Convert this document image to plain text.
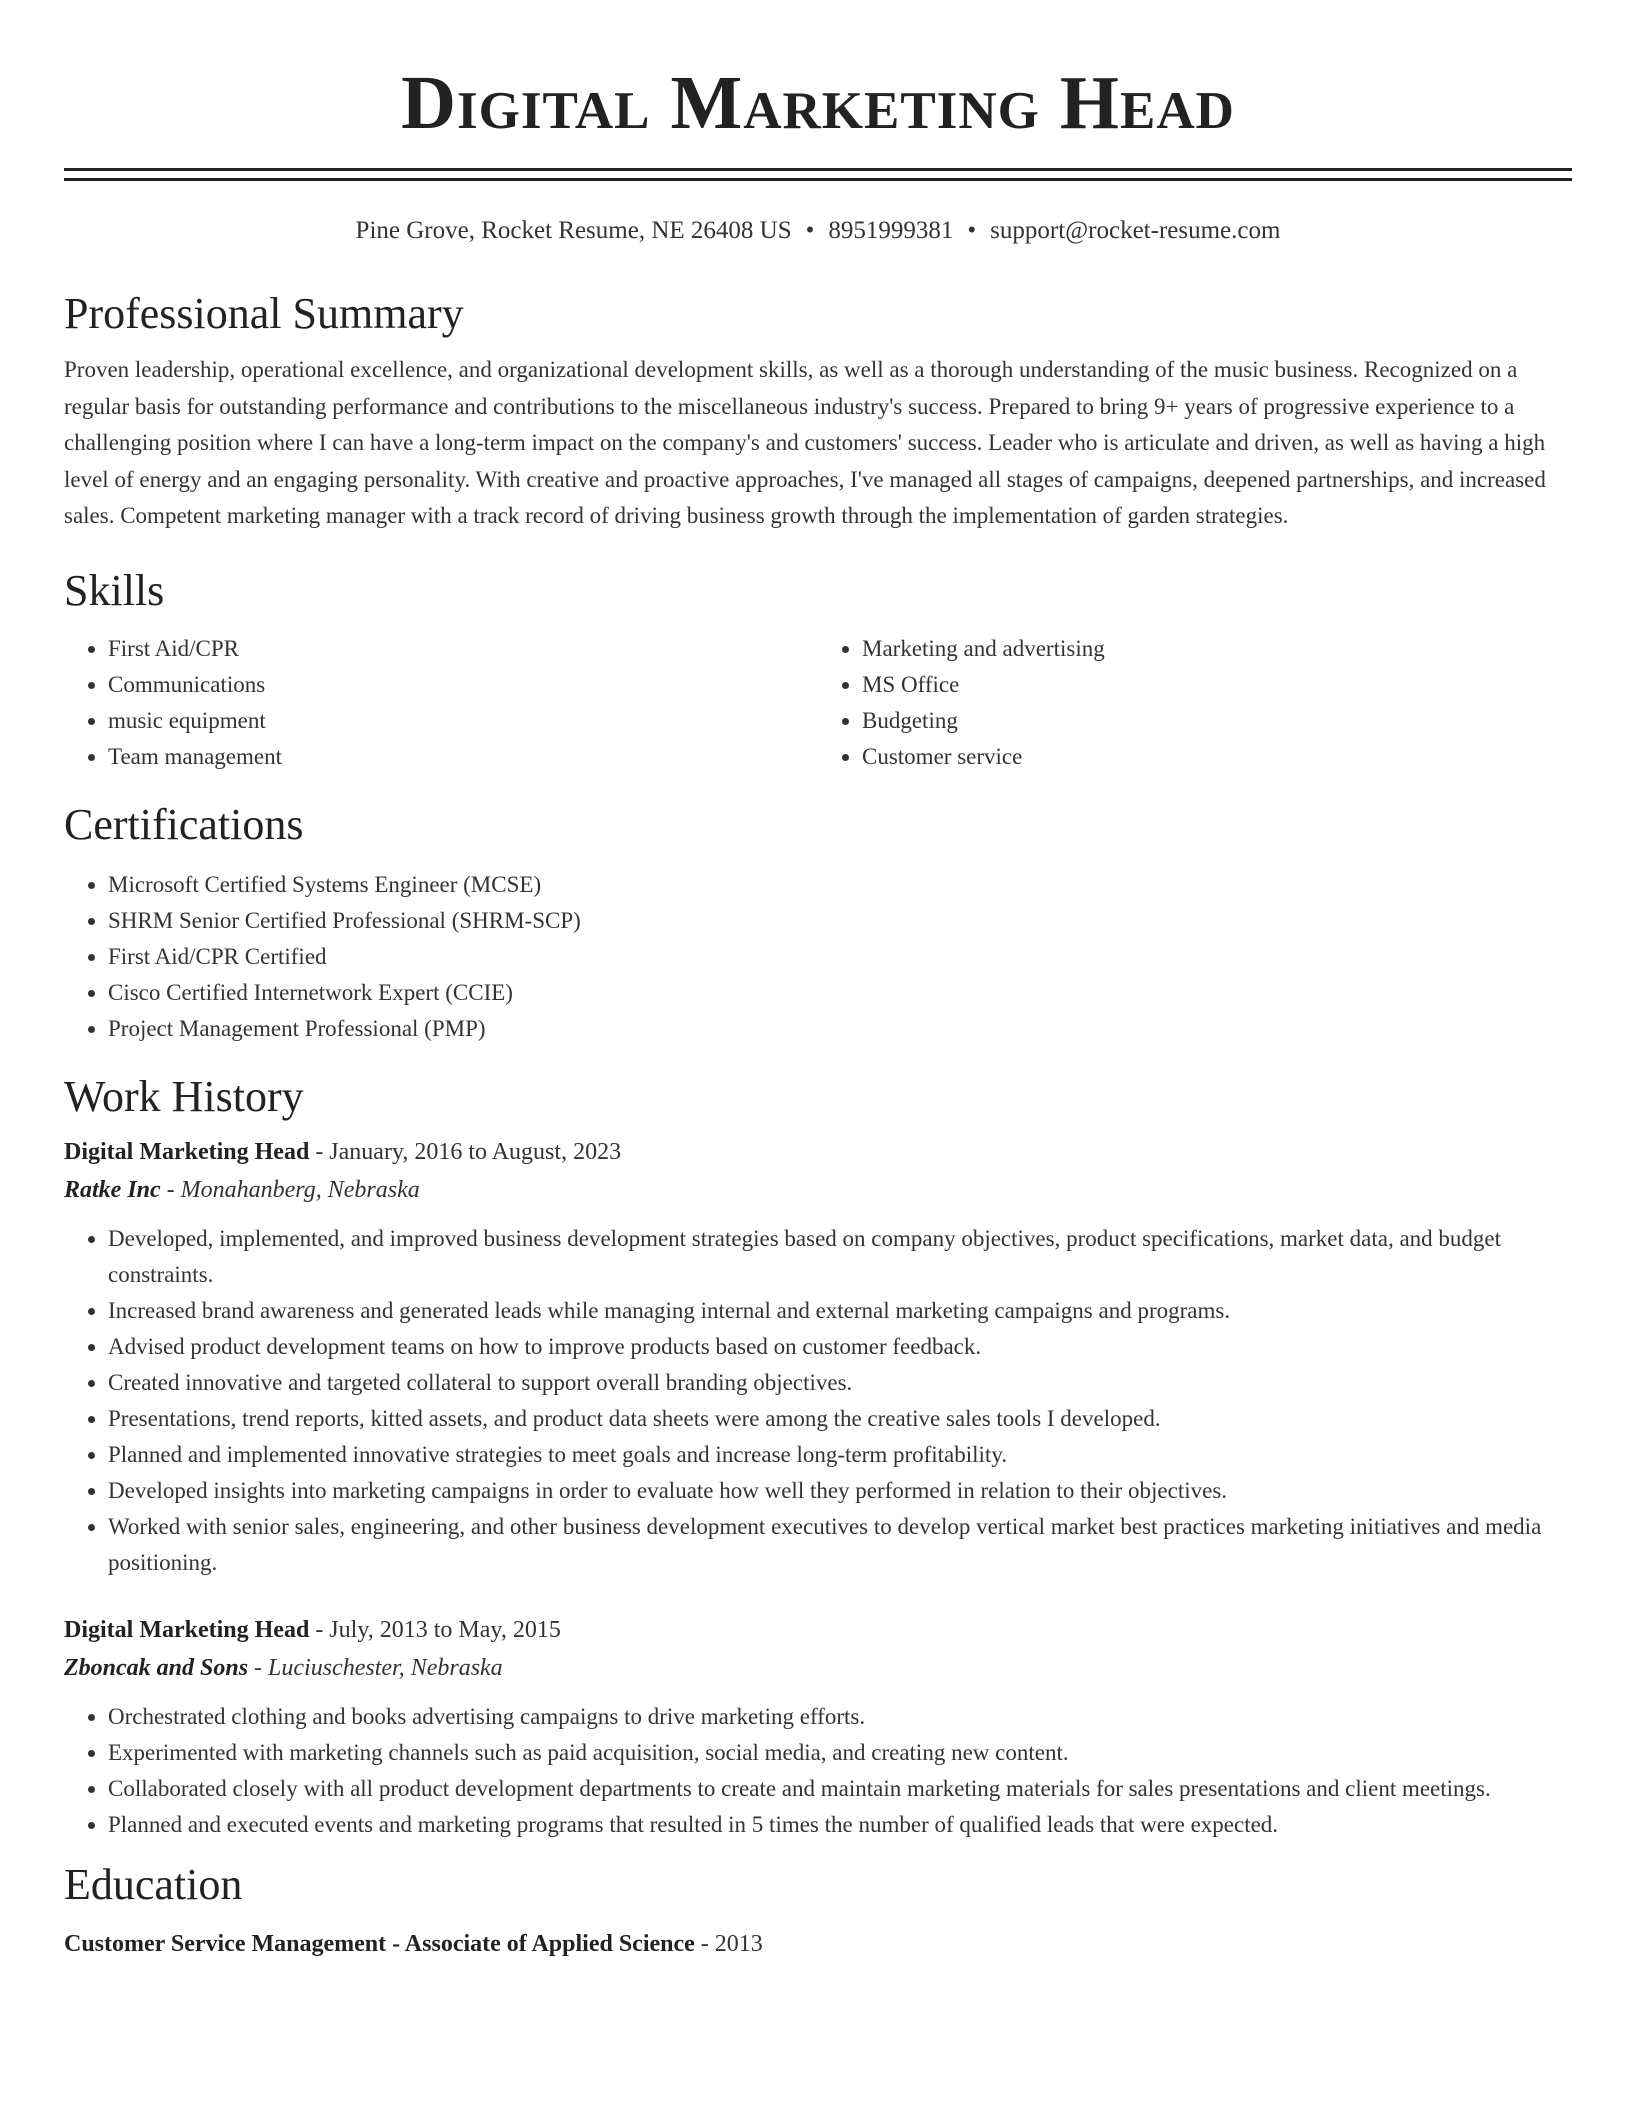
Digital Marketing Head
Pine Grove, Rocket Resume, NE 26408 US • 8951999381 • support@rocket-resume.com
Professional Summary
Proven leadership, operational excellence, and organizational development skills, as well as a thorough understanding of the music business. Recognized on a regular basis for outstanding performance and contributions to the miscellaneous industry's success. Prepared to bring 9+ years of progressive experience to a challenging position where I can have a long-term impact on the company's and customers' success. Leader who is articulate and driven, as well as having a high level of energy and an engaging personality. With creative and proactive approaches, I've managed all stages of campaigns, deepened partnerships, and increased sales. Competent marketing manager with a track record of driving business growth through the implementation of garden strategies.
Skills
• First Aid/CPR
• Communications
• music equipment
• Team management
• Marketing and advertising
• MS Office
• Budgeting
• Customer service
Certifications
• Microsoft Certified Systems Engineer (MCSE)
• SHRM Senior Certified Professional (SHRM-SCP)
• First Aid/CPR Certified
• Cisco Certified Internetwork Expert (CCIE)
• Project Management Professional (PMP)
Work History
Digital Marketing Head - January, 2016 to August, 2023
Ratke Inc - Monahanberg, Nebraska
• Developed, implemented, and improved business development strategies based on company objectives, product specifications, market data, and budget constraints.
• Increased brand awareness and generated leads while managing internal and external marketing campaigns and programs.
• Advised product development teams on how to improve products based on customer feedback.
• Created innovative and targeted collateral to support overall branding objectives.
• Presentations, trend reports, kitted assets, and product data sheets were among the creative sales tools I developed.
• Planned and implemented innovative strategies to meet goals and increase long-term profitability.
• Developed insights into marketing campaigns in order to evaluate how well they performed in relation to their objectives.
• Worked with senior sales, engineering, and other business development executives to develop vertical market best practices marketing initiatives and media positioning.
Digital Marketing Head - July, 2013 to May, 2015
Zboncak and Sons - Luciuschester, Nebraska
• Orchestrated clothing and books advertising campaigns to drive marketing efforts.
• Experimented with marketing channels such as paid acquisition, social media, and creating new content.
• Collaborated closely with all product development departments to create and maintain marketing materials for sales presentations and client meetings.
• Planned and executed events and marketing programs that resulted in 5 times the number of qualified leads that were expected.
Education
Customer Service Management - Associate of Applied Science - 2013
